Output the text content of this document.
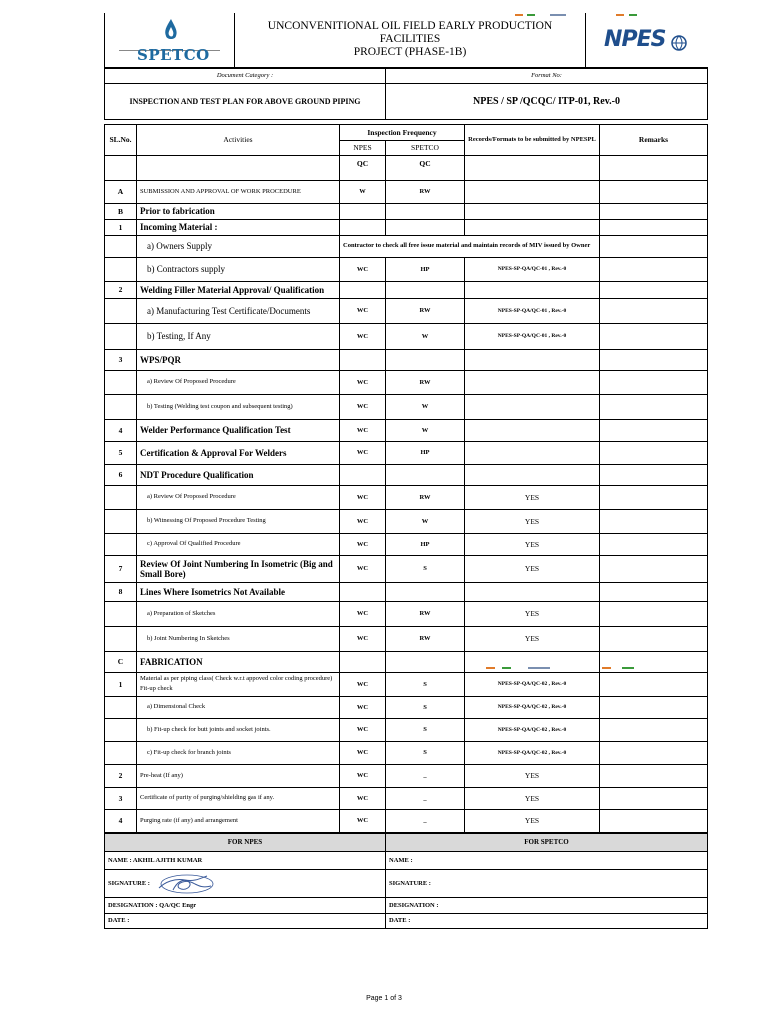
SPETCO

UNCONVENITIONAL OIL FIELD EARLY PRODUCTION FACILITIES
PROJECT (PHASE-1B)	NPES
Document Category :	Format No:
INSPECTION AND TEST PLAN FOR ABOVE GROUND PIPING	NPES / SP /QCQC/ ITP-01, Rev.-0
SL.No.	Activities	Inspection Frequency		Records/Formats to be submitted by NPESPL	Remarks
		NPES	SPETCO		
		QC	QC		
A	SUBMISSION AND APPROVAL OF WORK PROCEDURE	W	RW		
B	Prior to fabrication				
1	Incoming Material :				
	a) Owners Supply	Contractor to check all free issue material and maintain records of MIV issued by Owner			
	b) Contractors supply	WC	HP	NPES-SP-QA/QC-01 , Rev.-0	
2	Welding Filler Material Approval/ Qualification				
	a) Manufacturing Test Certificate/Documents	WC	RW	NPES-SP-QA/QC-01 , Rev.-0	
	b) Testing, If Any	WC	W	NPES-SP-QA/QC-01 , Rev.-0	
3	WPS/PQR				
	a) Review Of Proposed Procedure	WC	RW		
	b) Testing (Welding test coupon and subsequent testing)	WC	W		
4	Welder Performance Qualification Test	WC	W		
5	Certification & Approval For Welders	WC	HP		
6	NDT Procedure Qualification				
	a) Review Of Proposed Procedure	WC	RW	YES	
	b) Witnessing Of Proposed Procedure Testing	WC	W	YES	
	c) Approval Of Qualified Procedure	WC	HP	YES	
7	Review Of Joint Numbering In Isometric (Big and Small Bore)	WC	S	YES	
8	Lines Where Isometrics Not Available				
	a) Preparation of Sketches	WC	RW	YES	
	b) Joint Numbering In Sketches	WC	RW	YES	
C	FABRICATION				
1	Material as per piping class( Check w.r.t appoved color coding procedure) Fit-up check	WC	S	NPES-SP-QA/QC-02 , Rev.-0	
	a) Dimensional Check	WC	S	NPES-SP-QA/QC-02 , Rev.-0	
	b) Fit-up check for butt joints and socket joints.	WC	S	NPES-SP-QA/QC-02 , Rev.-0	
	c) Fit-up check for branch joints	WC	S	NPES-SP-QA/QC-02 , Rev.-0	
2	Pre-heat (If any)	WC	_	YES	
3	Certificate of purity of purging/shielding gas if any.	WC	_	YES	
4	Purging rate (if any) and arrangement	WC	_	YES	
FOR NPES	FOR SPETCO
NAME : AKHIL AJITH KUMAR	NAME :
SIGNATURE :	SIGNATURE :
DESIGNATION : QA/QC Engr	DESIGNATION :
DATE :	DATE :
Page 1 of 3
